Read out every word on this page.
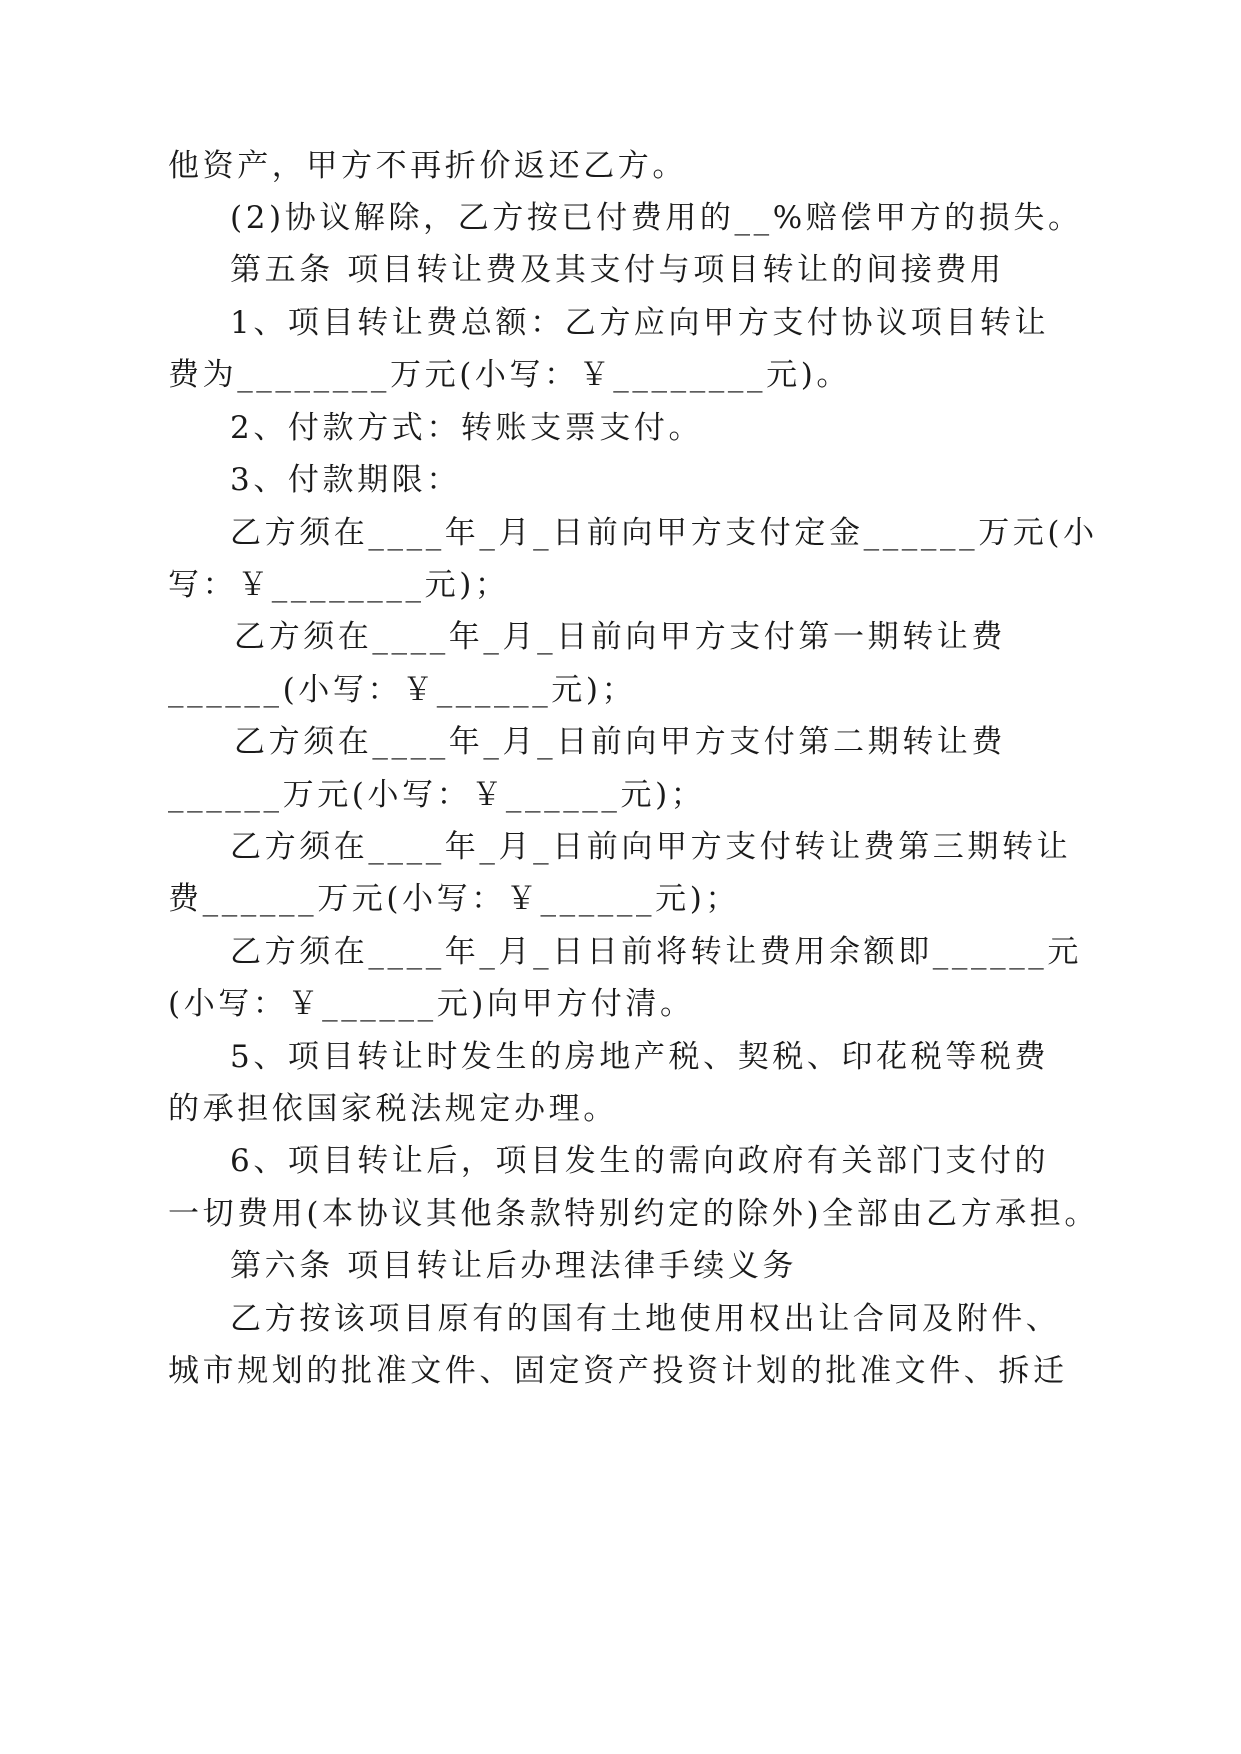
他资产，甲方不再折价返还乙方。
(2)协议解除，乙方按已付费用的__%赔偿甲方的损失。
第五条 项目转让费及其支付与项目转让的间接费用
1、项目转让费总额：乙方应向甲方支付协议项目转让
费为________万元(小写：￥________元)。
2、付款方式：转账支票支付。
3、付款期限：
乙方须在____年_月_日前向甲方支付定金______万元(小
写：￥________元)；
乙方须在____年_月_日前向甲方支付第一期转让费
______(小写：￥______元)；
乙方须在____年_月_日前向甲方支付第二期转让费
______万元(小写：￥______元)；
乙方须在____年_月_日前向甲方支付转让费第三期转让
费______万元(小写：￥______元)；
乙方须在____年_月_日日前将转让费用余额即______元
(小写：￥______元)向甲方付清。
5、项目转让时发生的房地产税、契税、印花税等税费
的承担依国家税法规定办理。
6、项目转让后，项目发生的需向政府有关部门支付的
一切费用(本协议其他条款特别约定的除外)全部由乙方承担。
第六条 项目转让后办理法律手续义务
乙方按该项目原有的国有土地使用权出让合同及附件、
城市规划的批准文件、固定资产投资计划的批准文件、拆迁
